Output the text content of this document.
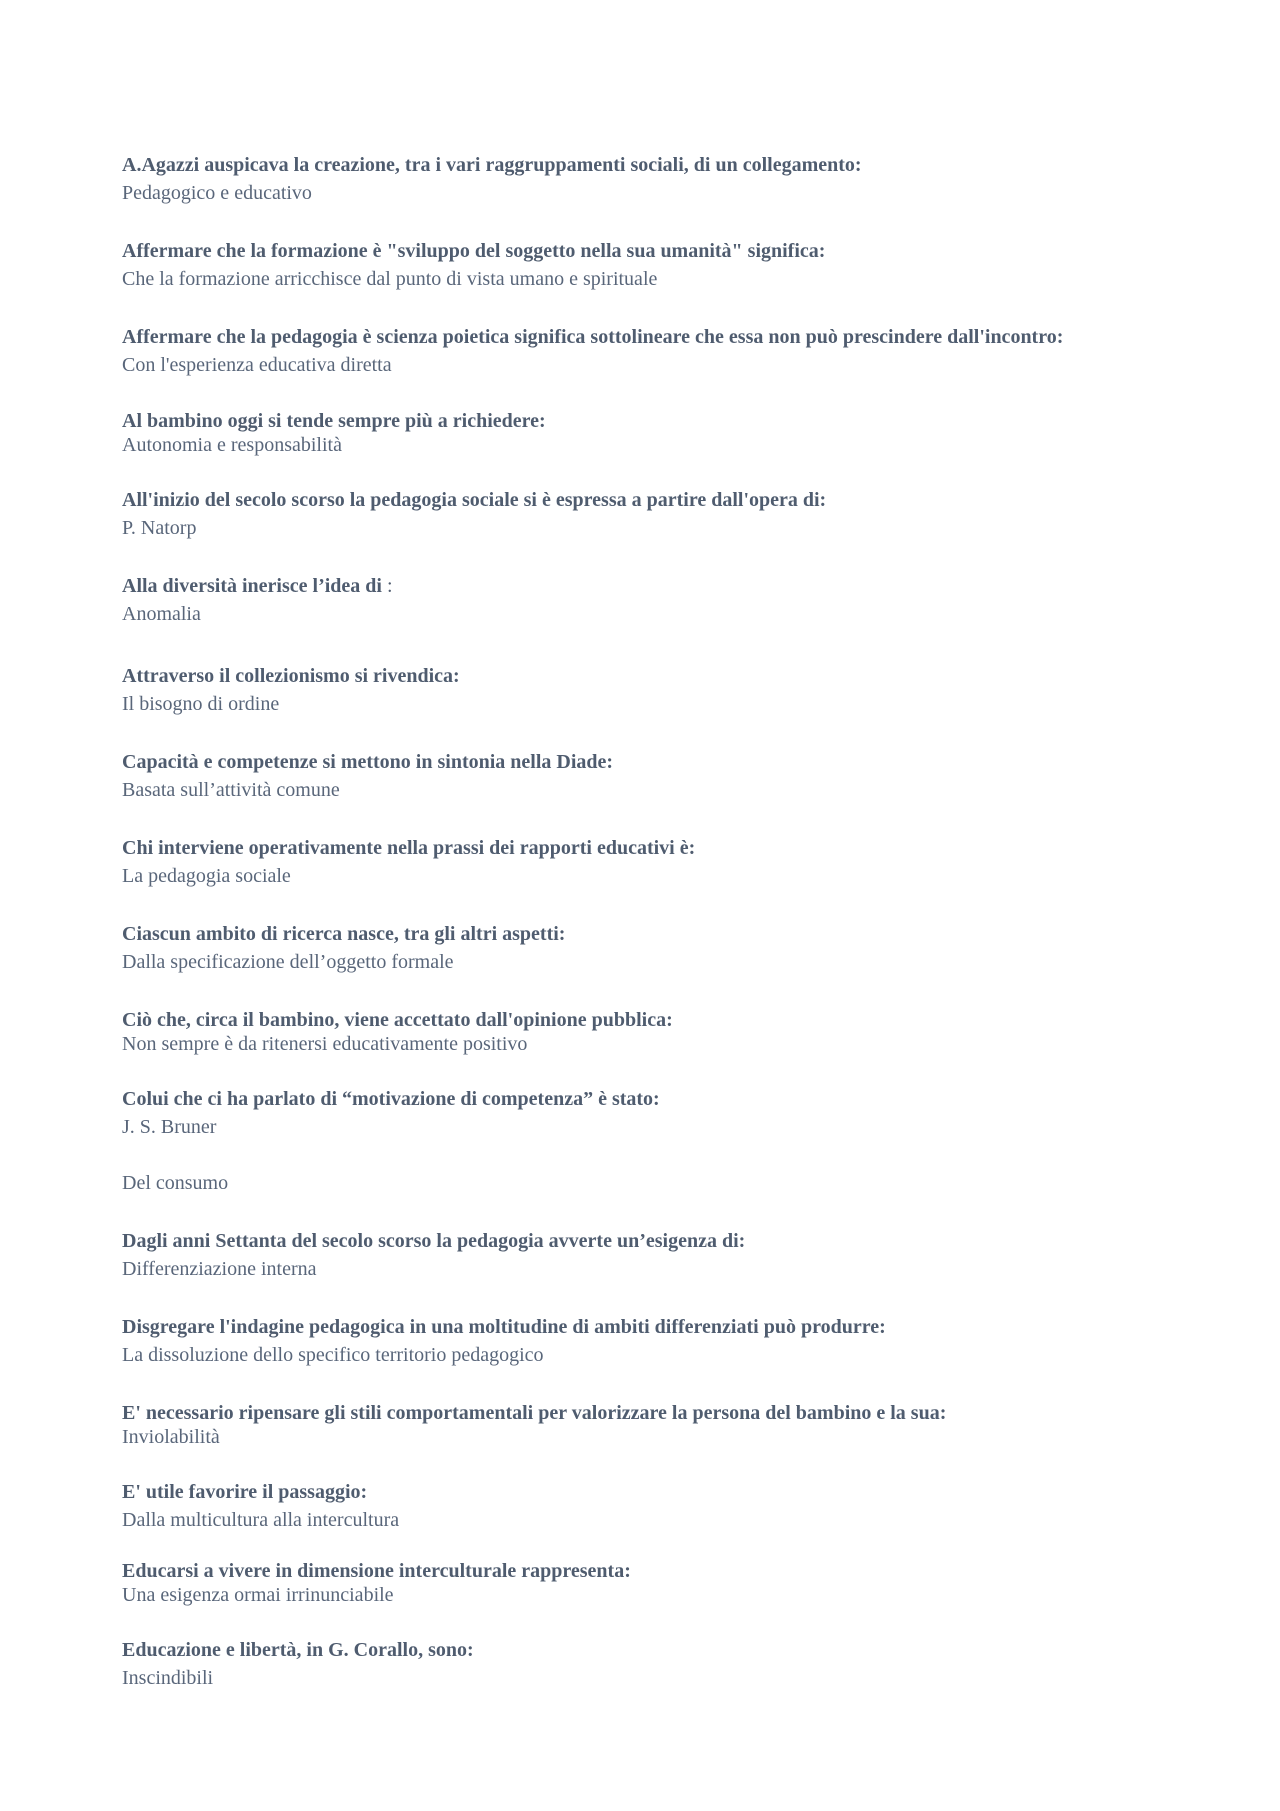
A.Agazzi auspicava la creazione, tra i vari raggruppamenti sociali, di un collegamento:
Pedagogico e educativo
Affermare che la formazione è "sviluppo del soggetto nella sua umanità" significa:
Che la formazione arricchisce dal punto di vista umano e spirituale
Affermare che la pedagogia è scienza poietica significa sottolineare che essa non può prescindere dall'incontro:
Con l'esperienza educativa diretta
Al bambino oggi si tende sempre più a richiedere:
Autonomia e responsabilità
All'inizio del secolo scorso la pedagogia sociale si è espressa a partire dall'opera di:
P. Natorp
Alla diversità inerisce l’idea di :
Anomalia
Attraverso il collezionismo si rivendica:
Il bisogno di ordine
Capacità e competenze si mettono in sintonia nella Diade:
Basata sull’attività comune
Chi interviene operativamente nella prassi dei rapporti educativi è:
La pedagogia sociale
Ciascun ambito di ricerca nasce, tra gli altri aspetti:
Dalla specificazione dell’oggetto formale
Ciò che, circa il bambino, viene accettato dall'opinione pubblica:
Non sempre è da ritenersi educativamente positivo
Colui che ci ha parlato di “motivazione di competenza” è stato:
J. S. Bruner
Del consumo
Dagli anni Settanta del secolo scorso la pedagogia avverte un’esigenza di:
Differenziazione interna
Disgregare l'indagine pedagogica in una moltitudine di ambiti differenziati può produrre:
La dissoluzione dello specifico territorio pedagogico
E' necessario ripensare gli stili comportamentali per valorizzare la persona del bambino e la sua:
Inviolabilità
E' utile favorire il passaggio:
Dalla multicultura alla intercultura
Educarsi a vivere in dimensione interculturale rappresenta:
Una esigenza ormai irrinunciabile
Educazione e libertà, in G. Corallo, sono:
Inscindibili
